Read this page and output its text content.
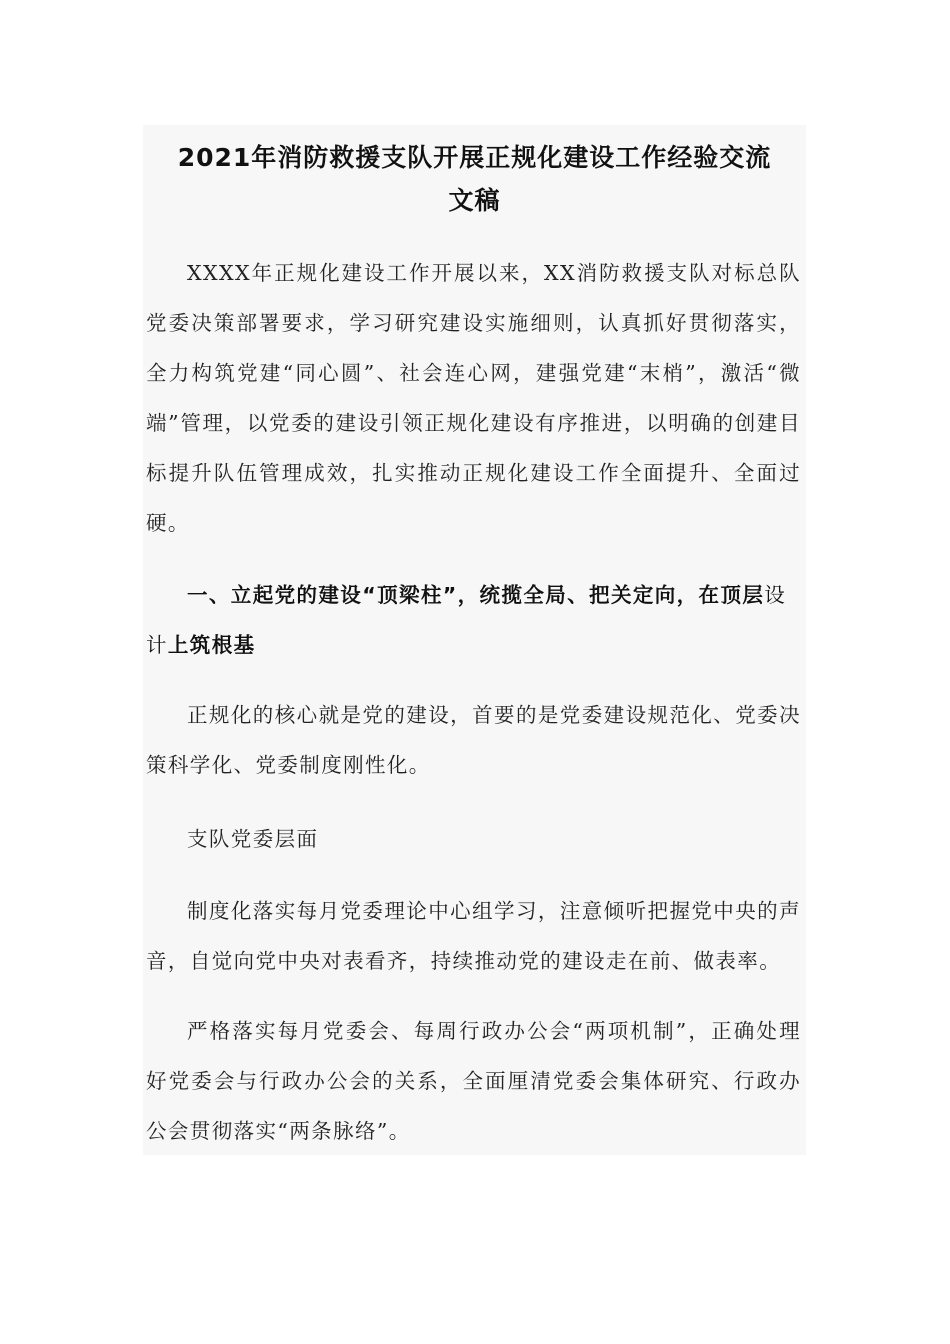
2021年消防救援支队开展正规化建设工作经验交流
文稿

XXXX年正规化建设工作开展以来，XX消防救援支队对标总队党委决策部署要求，学习研究建设实施细则，认真抓好贯彻落实，全力构筑党建“同心圆”、社会连心网，建强党建“末梢”，激活“微端”管理，以党委的建设引领正规化建设有序推进，以明确的创建目标提升队伍管理成效，扎实推动正规化建设工作全面提升、全面过硬。

一、立起党的建设“顶梁柱”，统揽全局、把关定向，在顶层设计上筑根基

正规化的核心就是党的建设，首要的是党委建设规范化、党委决策科学化、党委制度刚性化。

支队党委层面

制度化落实每月党委理论中心组学习，注意倾听把握党中央的声音，自觉向党中央对表看齐，持续推动党的建设走在前、做表率。

严格落实每月党委会、每周行政办公会“两项机制”，正确处理好党委会与行政办公会的关系，全面厘清党委会集体研究、行政办公会贯彻落实“两条脉络”。
